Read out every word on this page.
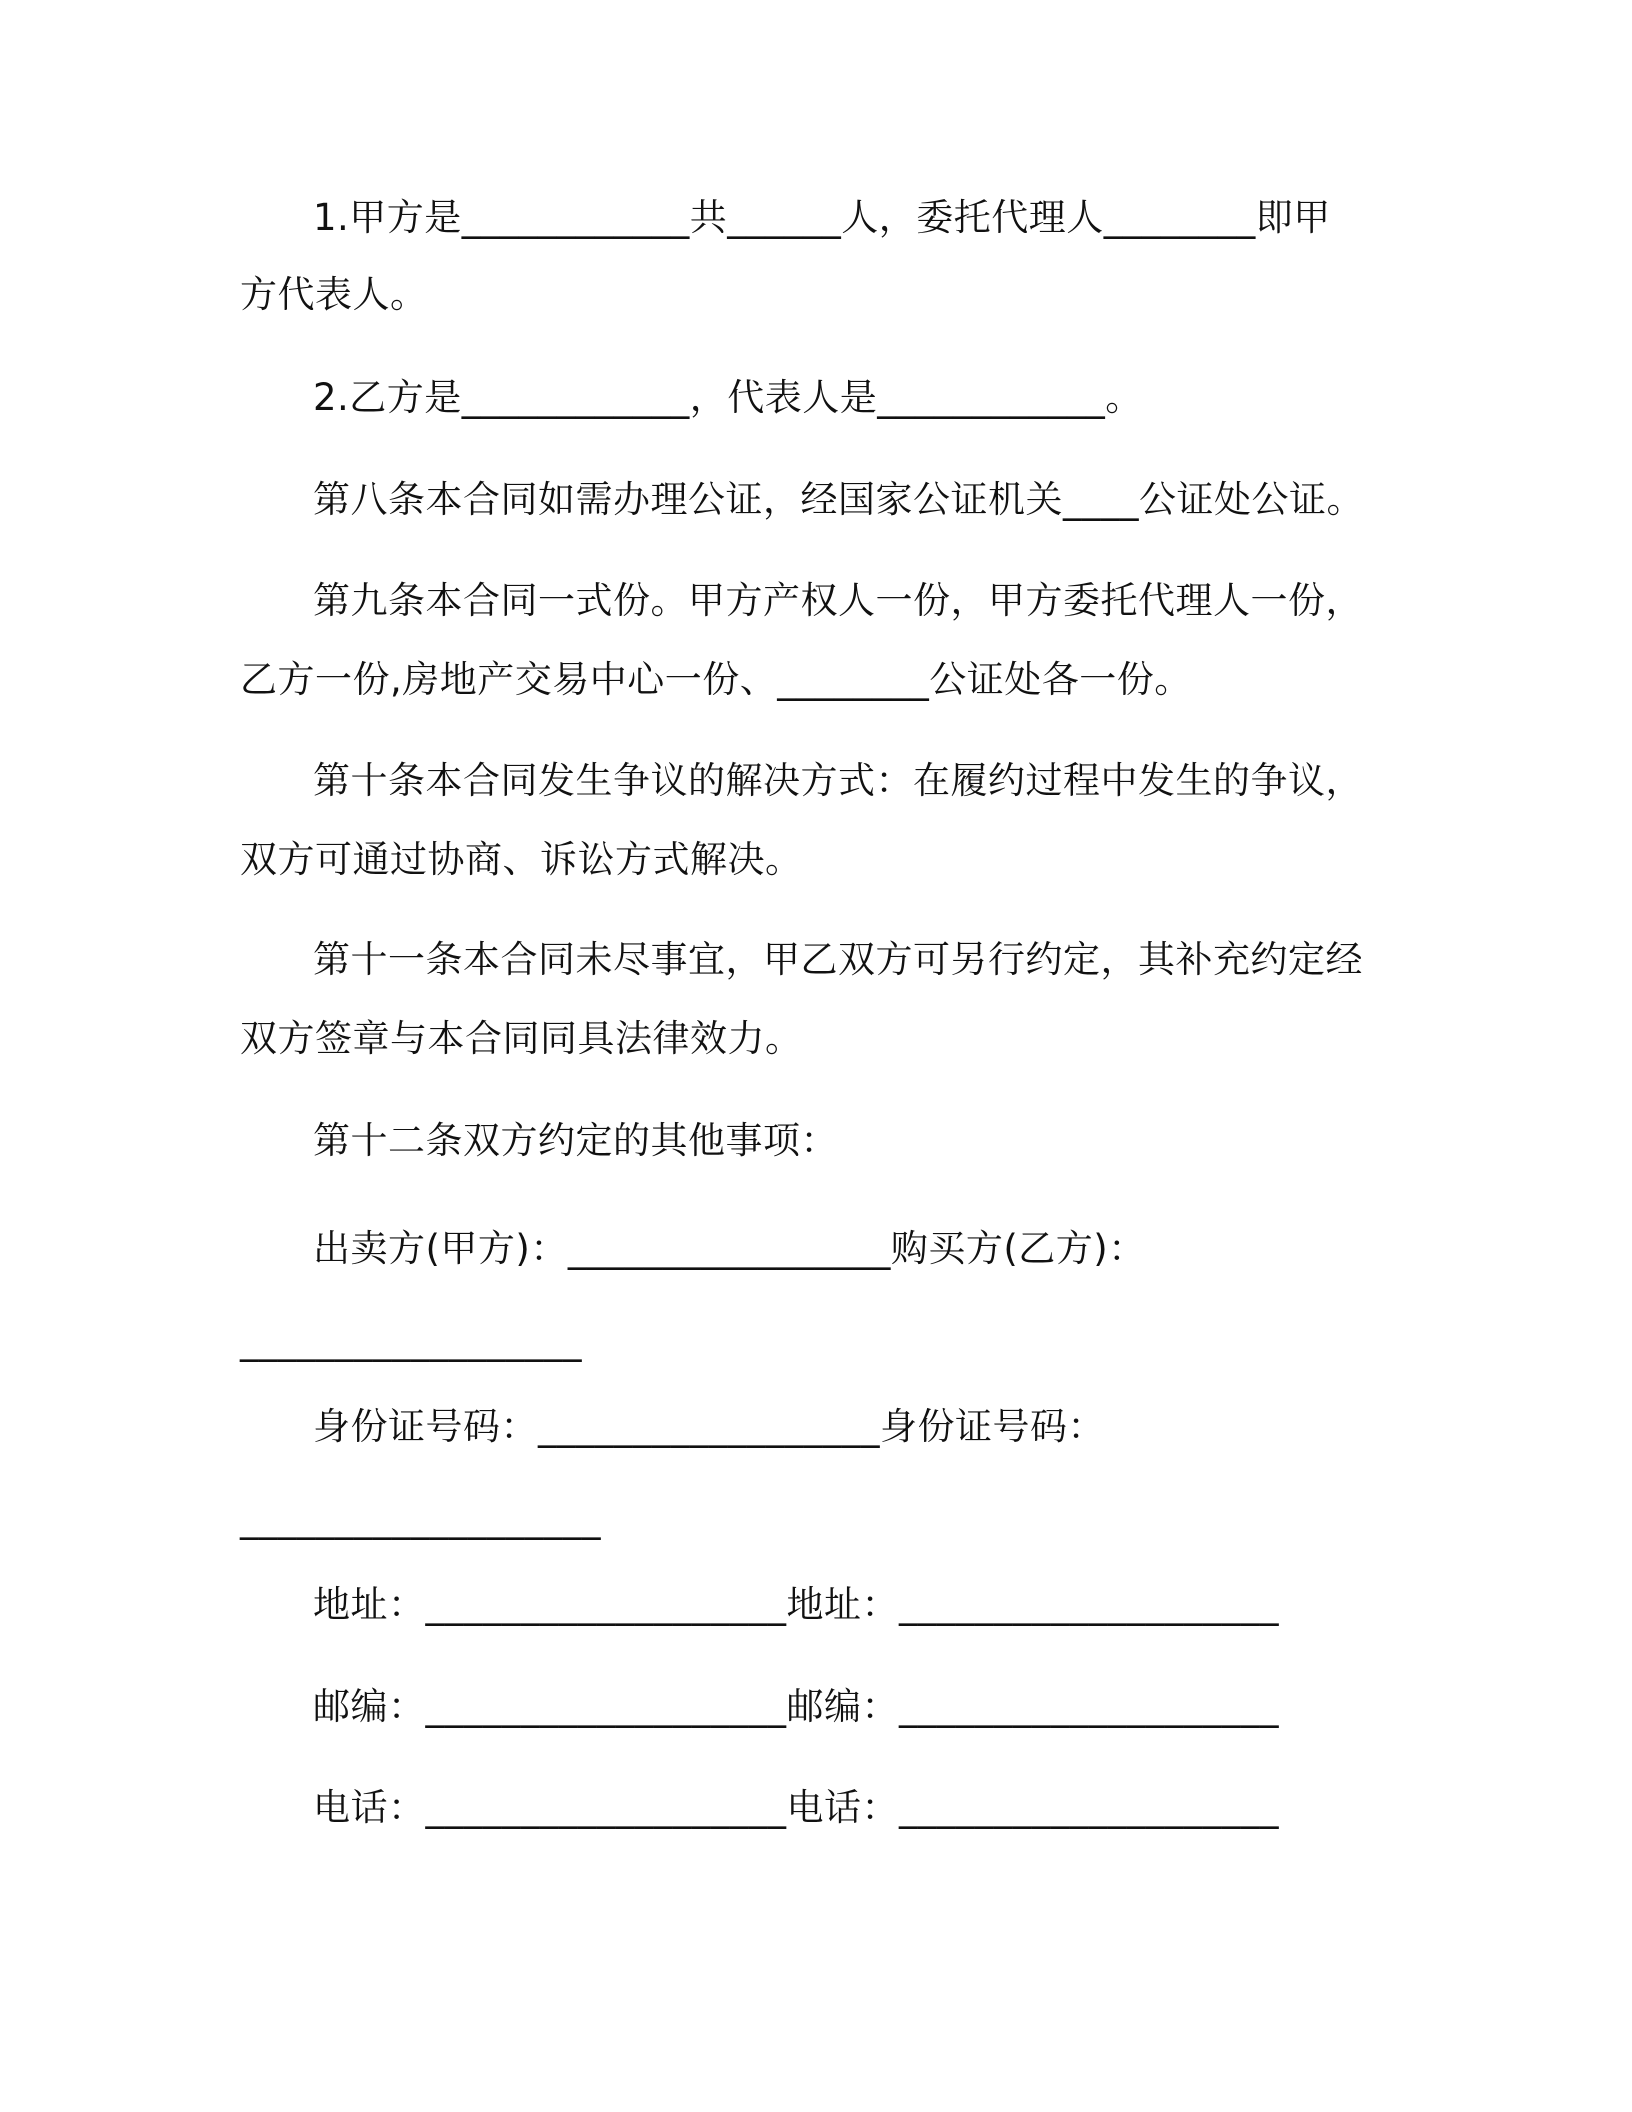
1.甲方是____________共______人，委托代理人________即甲
方代表人。
2.乙方是____________，代表人是____________。
第八条本合同如需办理公证，经国家公证机关____公证处公证。
第九条本合同一式份。甲方产权人一份，甲方委托代理人一份，
乙方一份,房地产交易中心一份、________公证处各一份。
第十条本合同发生争议的解决方式：在履约过程中发生的争议，
双方可通过协商、诉讼方式解决。
第十一条本合同未尽事宜，甲乙双方可另行约定，其补充约定经
双方签章与本合同同具法律效力。
第十二条双方约定的其他事项：
出卖方(甲方)：_________________购买方(乙方)：
__________________
身份证号码：__________________身份证号码：
___________________
地址：___________________地址：____________________
邮编：___________________邮编：____________________
电话：___________________电话：____________________
